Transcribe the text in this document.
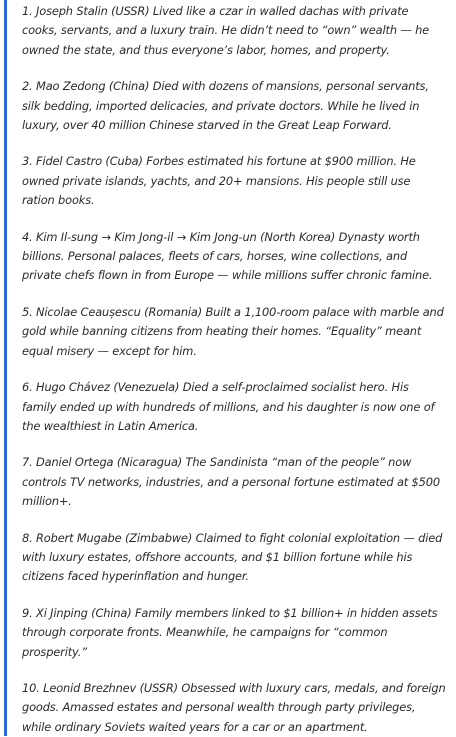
1. Joseph Stalin (USSR) Lived like a czar in walled dachas with private cooks, servants, and a luxury train. He didn’t need to “own” wealth — he owned the state, and thus everyone’s labor, homes, and property.

2. Mao Zedong (China) Died with dozens of mansions, personal servants, silk bedding, imported delicacies, and private doctors. While he lived in luxury, over 40 million Chinese starved in the Great Leap Forward.

3. Fidel Castro (Cuba) Forbes estimated his fortune at $900 million. He owned private islands, yachts, and 20+ mansions. His people still use ration books.

4. Kim Il-sung → Kim Jong-il → Kim Jong-un (North Korea) Dynasty worth billions. Personal palaces, fleets of cars, horses, wine collections, and private chefs flown in from Europe — while millions suffer chronic famine.

5. Nicolae Ceaușescu (Romania) Built a 1,100-room palace with marble and gold while banning citizens from heating their homes. “Equality” meant equal misery — except for him.

6. Hugo Chávez (Venezuela) Died a self-proclaimed socialist hero. His family ended up with hundreds of millions, and his daughter is now one of the wealthiest in Latin America.

7. Daniel Ortega (Nicaragua) The Sandinista “man of the people” now controls TV networks, industries, and a personal fortune estimated at $500 million+.

8. Robert Mugabe (Zimbabwe) Claimed to fight colonial exploitation — died with luxury estates, offshore accounts, and $1 billion fortune while his citizens faced hyperinflation and hunger.

9. Xi Jinping (China) Family members linked to $1 billion+ in hidden assets through corporate fronts. Meanwhile, he campaigns for “common prosperity.”

10. Leonid Brezhnev (USSR) Obsessed with luxury cars, medals, and foreign goods. Amassed estates and personal wealth through party privileges, while ordinary Soviets waited years for a car or an apartment.
